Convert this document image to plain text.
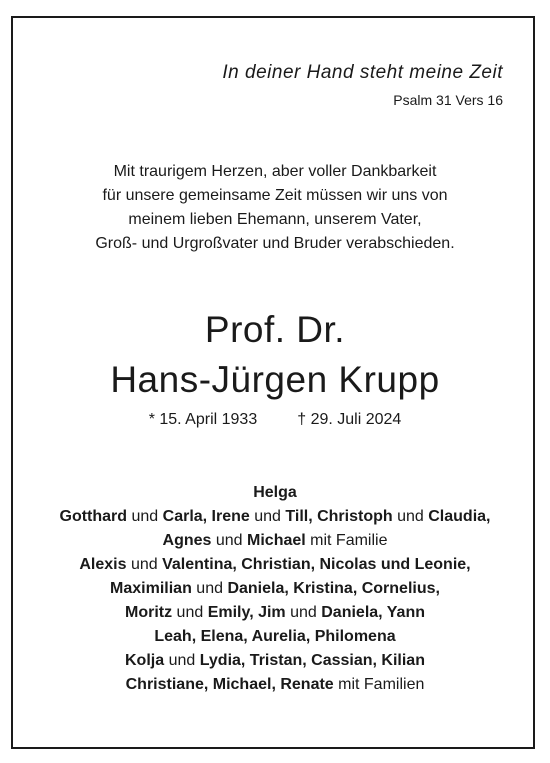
In deiner Hand steht meine Zeit
Psalm 31 Vers 16
Mit traurigem Herzen, aber voller Dankbarkeit
für unsere gemeinsame Zeit müssen wir uns von
meinem lieben Ehemann, unserem Vater,
Groß- und Urgroßvater und Bruder verabschieden.
Prof. Dr.
Hans-Jürgen Krupp
* 15. April 1933	† 29. Juli 2024
Helga
Gotthard und Carla, Irene und Till, Christoph und Claudia,
Agnes und Michael mit Familie
Alexis und Valentina, Christian, Nicolas und Leonie,
Maximilian und Daniela, Kristina, Cornelius,
Moritz und Emily, Jim und Daniela, Yann
Leah, Elena, Aurelia, Philomena
Kolja und Lydia, Tristan, Cassian, Kilian
Christiane, Michael, Renate mit Familien
